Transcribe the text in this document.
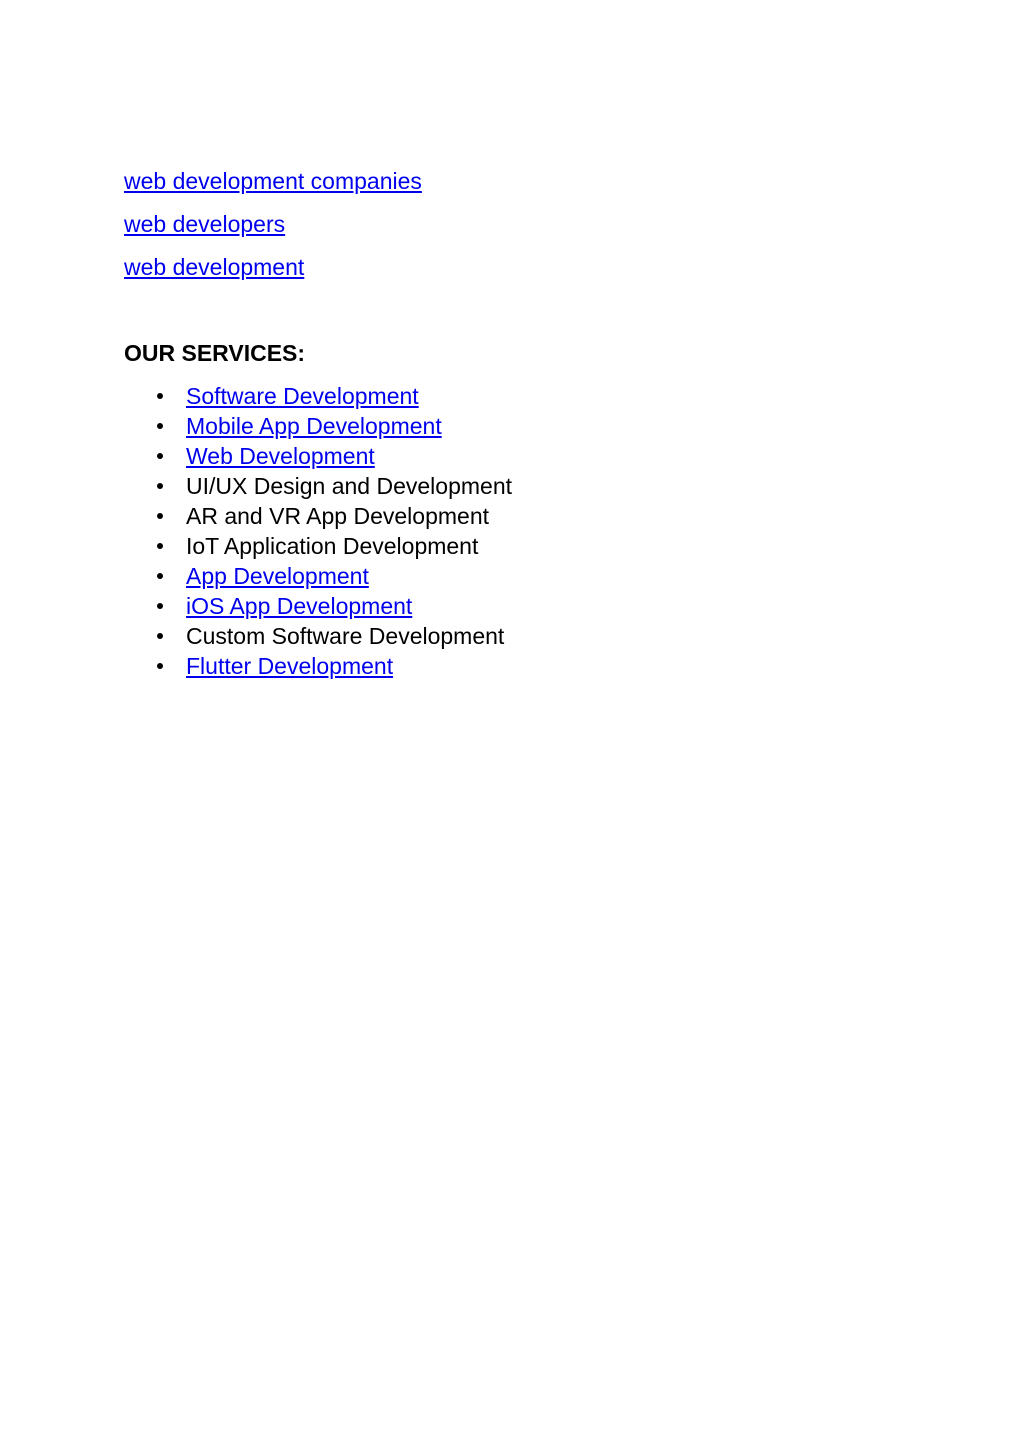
web development companies
web developers
web development
OUR SERVICES:
Software Development
Mobile App Development
Web Development
UI/UX Design and Development
AR and VR App Development
IoT Application Development
App Development
iOS App Development
Custom Software Development
Flutter Development
